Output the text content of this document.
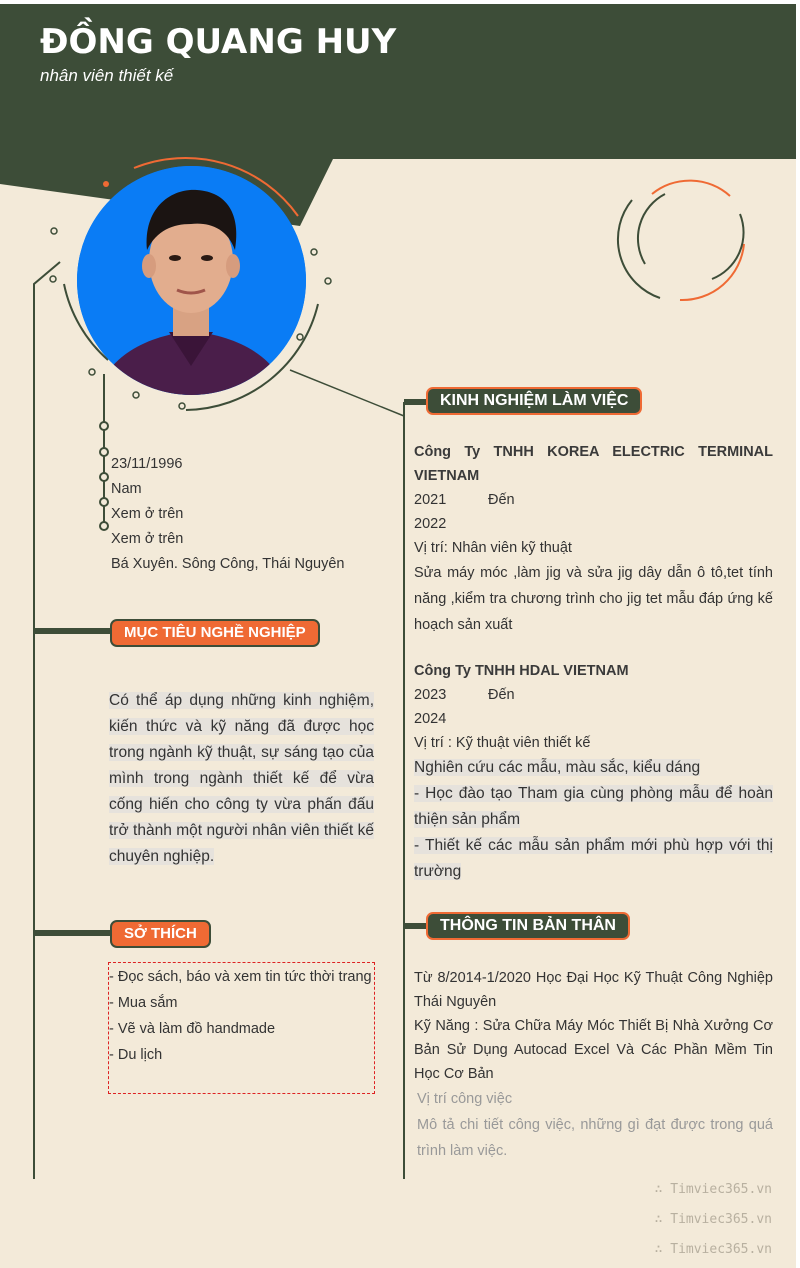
ĐỒNG QUANG HUY
nhân viên thiết kế
23/11/1996
Nam
Xem ở trên
Xem ở trên
Bá Xuyên. Sông Công, Thái Nguyên
MỤC TIÊU NGHỀ NGHIỆP
Có thể áp dụng những kinh nghiệm, kiến thức và kỹ năng đã được học trong ngành kỹ thuật, sự sáng tạo của mình trong ngành thiết kế để vừa cống hiến cho công ty vừa phấn đấu trở thành một người nhân viên thiết kế chuyên nghiệp.
SỞ THÍCH
- Đọc sách, báo và xem tin tức thời trang
- Mua sắm
- Vẽ và làm đồ handmade
- Du lịch
KINH NGHIỆM LÀM VIỆC
Công Ty TNHH KOREA ELECTRIC TERMINAL VIETNAM
2021	Đến
2022
Vị trí: Nhân viên kỹ thuật
Sửa máy móc ,làm jig và sửa jig dây dẫn ô tô,tet tính năng ,kiểm tra chương trình cho jig tet mẫu đáp ứng kế hoạch sản xuất
Công Ty TNHH HDAL VIETNAM
2023	Đến
2024
Vị trí : Kỹ thuật viên thiết kế
Nghiên cứu các mẫu, màu sắc, kiểu dáng
- Học đào tạo Tham gia cùng phòng mẫu để hoàn thiện sản phẩm
- Thiết kế các mẫu sản phẩm mới phù hợp với thị trường
THÔNG TIN BẢN THÂN
Từ 8/2014-1/2020 Học Đại Học Kỹ Thuật Công Nghiệp Thái Nguyên
Kỹ Năng : Sửa Chữa Máy Móc Thiết Bị Nhà Xưởng Cơ Bản Sử Dụng Autocad Excel Và Các Phần Mềm Tin Học Cơ Bản
Vị trí công việc
Mô tả chi tiết công việc, những gì đạt được trong quá trình làm việc.
∴ Timviec365.vn
∴ Timviec365.vn
∴ Timviec365.vn
